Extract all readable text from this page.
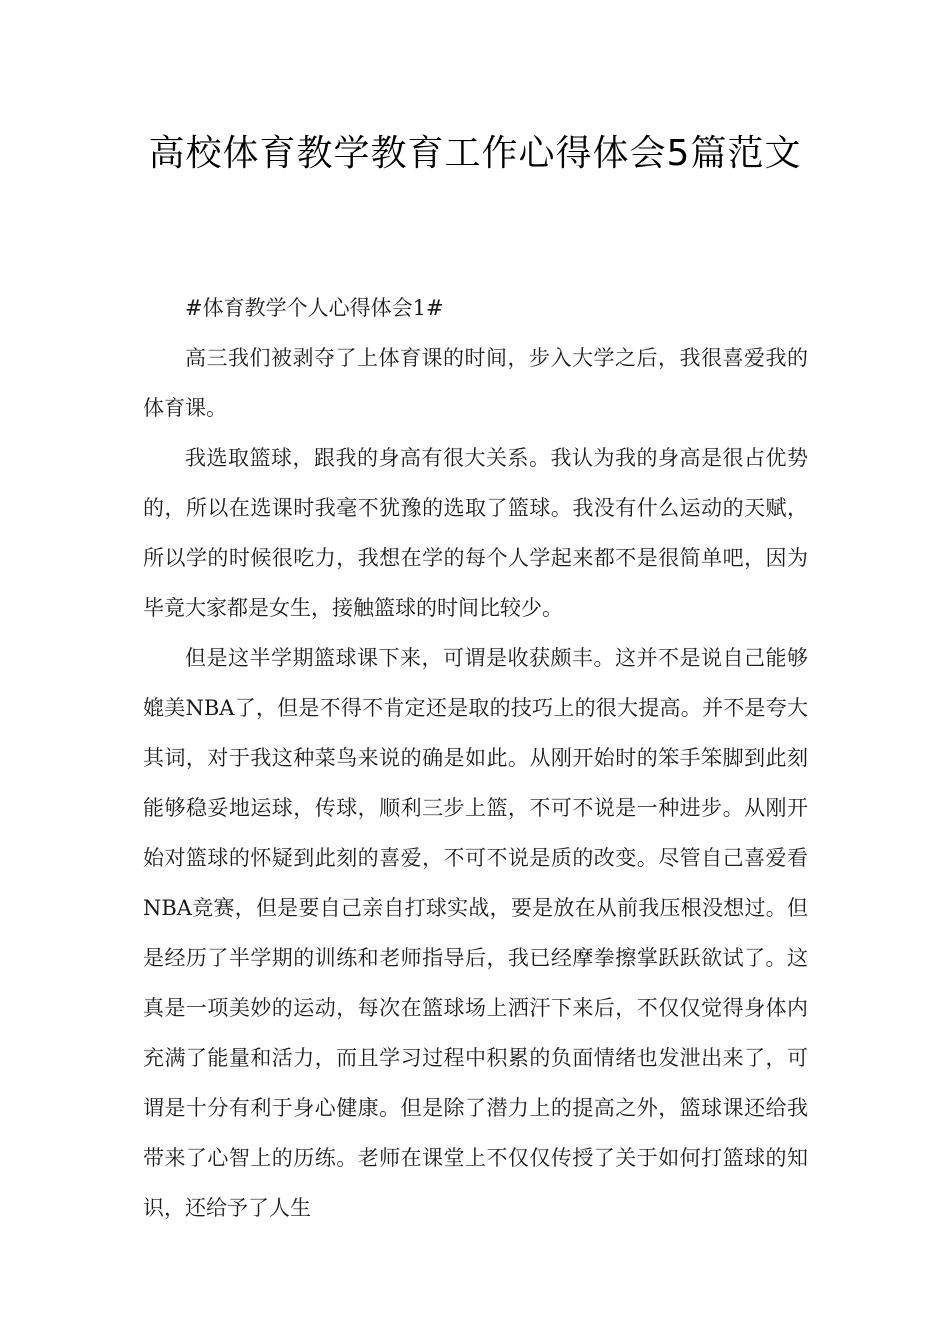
高校体育教学教育工作心得体会5篇范文

#体育教学个人心得体会1#

高三我们被剥夺了上体育课的时间，步入大学之后，我很喜爱我的体育课。

我选取篮球，跟我的身高有很大关系。我认为我的身高是很占优势的，所以在选课时我毫不犹豫的选取了篮球。我没有什么运动的天赋，所以学的时候很吃力，我想在学的每个人学起来都不是很简单吧，因为毕竟大家都是女生，接触篮球的时间比较少。

但是这半学期篮球课下来，可谓是收获颇丰。这并不是说自己能够媲美NBA了，但是不得不肯定还是取的技巧上的很大提高。并不是夸大其词，对于我这种菜鸟来说的确是如此。从刚开始时的笨手笨脚到此刻能够稳妥地运球，传球，顺利三步上篮，不可不说是一种进步。从刚开始对篮球的怀疑到此刻的喜爱，不可不说是质的改变。尽管自己喜爱看NBA竞赛，但是要自己亲自打球实战，要是放在从前我压根没想过。但是经历了半学期的训练和老师指导后，我已经摩拳擦掌跃跃欲试了。这真是一项美妙的运动，每次在篮球场上洒汗下来后，不仅仅觉得身体内充满了能量和活力，而且学习过程中积累的负面情绪也发泄出来了，可谓是十分有利于身心健康。但是除了潜力上的提高之外，篮球课还给我带来了心智上的历练。老师在课堂上不仅仅传授了关于如何打篮球的知识，还给予了人生
